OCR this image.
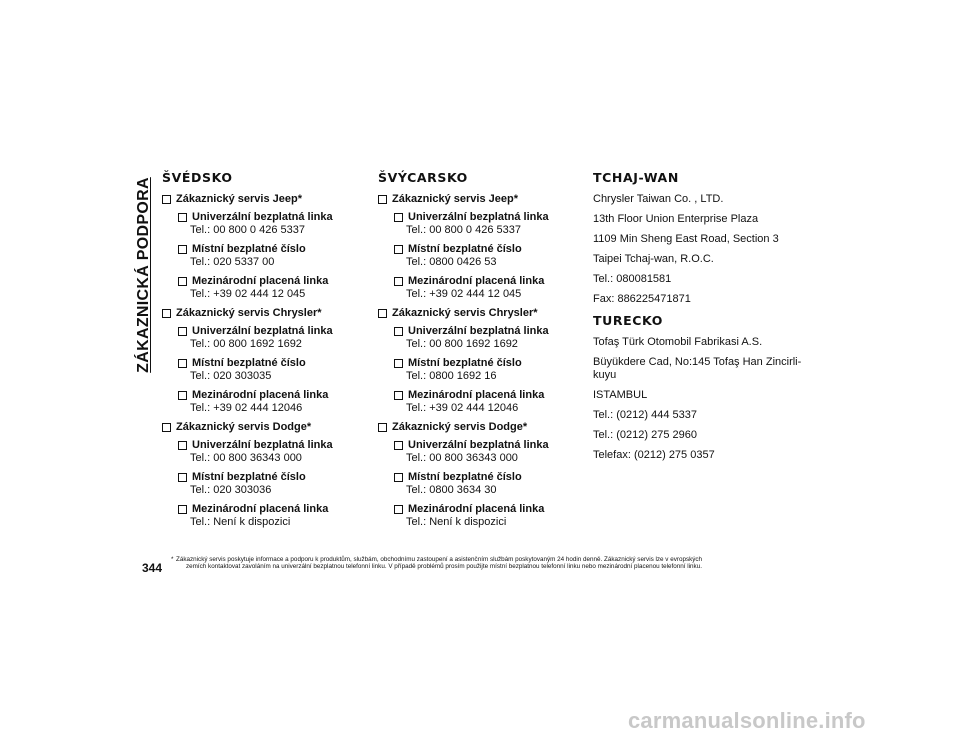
ZÁKAZNICKÁ PODPORA ŠVÉDSKO
Zákaznický servis Jeep*
Univerzální bezplatná linka
Tel.: 00 800 0 426 5337
Místní bezplatné číslo
Tel.: 020 5337 00
Mezinárodní placená linka
Tel.: +39 02 444 12 045
Zákaznický servis Chrysler*
Univerzální bezplatná linka
Tel.: 00 800 1692 1692
Místní bezplatné číslo
Tel.: 020 303035
Mezinárodní placená linka
Tel.: +39 02 444 12046
Zákaznický servis Dodge*
Univerzální bezplatná linka
Tel.: 00 800 36343 000
Místní bezplatné číslo
Tel.: 020 303036
Mezinárodní placená linka
Tel.: Není k dispozici
ŠVÝCARSKO
Zákaznický servis Jeep*
Univerzální bezplatná linka
Tel.: 00 800 0 426 5337
Místní bezplatné číslo
Tel.: 0800 0426 53
Mezinárodní placená linka
Tel.: +39 02 444 12 045
Zákaznický servis Chrysler*
Univerzální bezplatná linka
Tel.: 00 800 1692 1692
Místní bezplatné číslo
Tel.: 0800 1692 16
Mezinárodní placená linka
Tel.: +39 02 444 12046
Zákaznický servis Dodge*
Univerzální bezplatná linka
Tel.: 00 800 36343 000
Místní bezplatné číslo
Tel.: 0800 3634 30
Mezinárodní placená linka
Tel.: Není k dispozici
TCHAJ-WAN

Chrysler Taiwan Co. , LTD.

13th Floor Union Enterprise Plaza

1109 Min Sheng East Road, Section 3

Taipei Tchaj-wan, R.O.C.

Tel.: 080081581

Fax: 886225471871

TURECKO

Tofaş Türk Otomobil Fabrikasi A.S.

Büyükdere Cad, No:145 Tofaş Han Zincirli-kuyu

ISTAMBUL

Tel.: (0212) 444 5337

Tel.: (0212) 275 2960

Telefax: (0212) 275 0357

344
* Zákaznický servis poskytuje informace a podporu k produktům, službám, obchodnímu zastoupení a asistenčním službám poskytovaným 24 hodin denně. Zákaznický servis lze v evropských

zemích kontaktovat zavoláním na univerzální bezplatnou telefonní linku. V případě problémů prosím použijte místní bezplatnou telefonní linku nebo mezinárodní placenou telefonní linku.

carmanualsonline.info
